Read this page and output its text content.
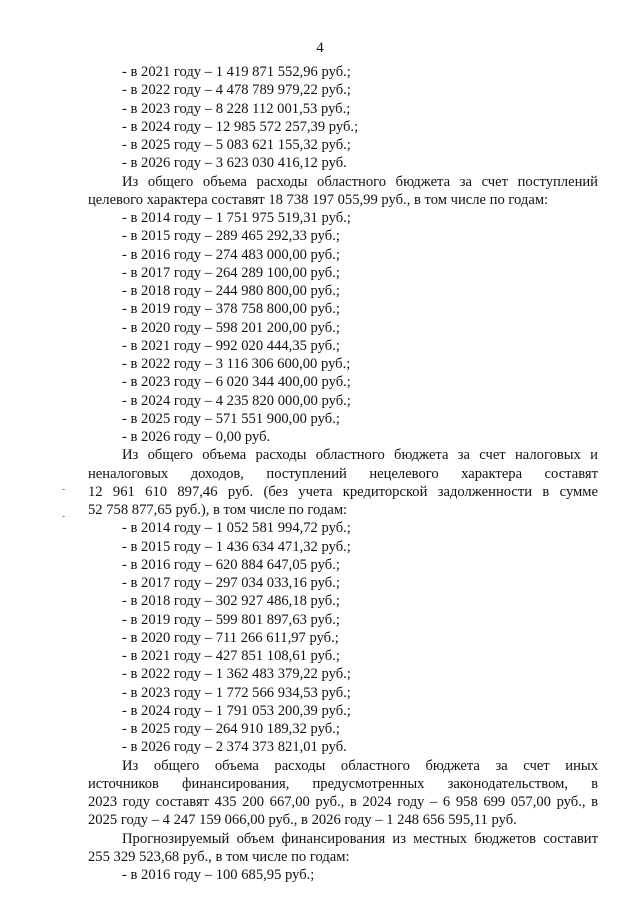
4
- в 2021 году – 1 419 871 552,96 руб.;
- в 2022 году – 4 478 789 979,22 руб.;
- в 2023 году – 8 228 112 001,53 руб.;
- в 2024 году – 12 985 572 257,39 руб.;
- в 2025 году – 5 083 621 155,32 руб.;
- в 2026 году – 3 623 030 416,12 руб.
Из общего объема расходы областного бюджета за счет поступлений
целевого характера составят 18 738 197 055,99 руб., в том числе по годам:
- в 2014 году – 1 751 975 519,31 руб.;
- в 2015 году – 289 465 292,33 руб.;
- в 2016 году – 274 483 000,00 руб.;
- в 2017 году – 264 289 100,00 руб.;
- в 2018 году – 244 980 800,00 руб.;
- в 2019 году – 378 758 800,00 руб.;
- в 2020 году – 598 201 200,00 руб.;
- в 2021 году – 992 020 444,35 руб.;
- в 2022 году – 3 116 306 600,00 руб.;
- в 2023 году – 6 020 344 400,00 руб.;
- в 2024 году – 4 235 820 000,00 руб.;
- в 2025 году – 571 551 900,00 руб.;
- в 2026 году – 0,00 руб.
Из общего объема расходы областного бюджета за счет налоговых и
неналоговых доходов, поступлений нецелевого характера составят
12 961 610 897,46 руб. (без учета кредиторской задолженности в сумме
52 758 877,65 руб.), в том числе по годам:
- в 2014 году – 1 052 581 994,72 руб.;
- в 2015 году – 1 436 634 471,32 руб.;
- в 2016 году – 620 884 647,05 руб.;
- в 2017 году – 297 034 033,16 руб.;
- в 2018 году – 302 927 486,18 руб.;
- в 2019 году – 599 801 897,63 руб.;
- в 2020 году – 711 266 611,97 руб.;
- в 2021 году – 427 851 108,61 руб.;
- в 2022 году – 1 362 483 379,22 руб.;
- в 2023 году – 1 772 566 934,53 руб.;
- в 2024 году – 1 791 053 200,39 руб.;
- в 2025 году – 264 910 189,32 руб.;
- в 2026 году – 2 374 373 821,01 руб.
Из общего объема расходы областного бюджета за счет иных
источников финансирования, предусмотренных законодательством, в
2023 году составят 435 200 667,00 руб., в 2024 году – 6 958 699 057,00 руб., в
2025 году – 4 247 159 066,00 руб., в 2026 году – 1 248 656 595,11 руб.
Прогнозируемый объем финансирования из местных бюджетов составит
255 329 523,68 руб., в том числе по годам:
- в 2016 году – 100 685,95 руб.;
